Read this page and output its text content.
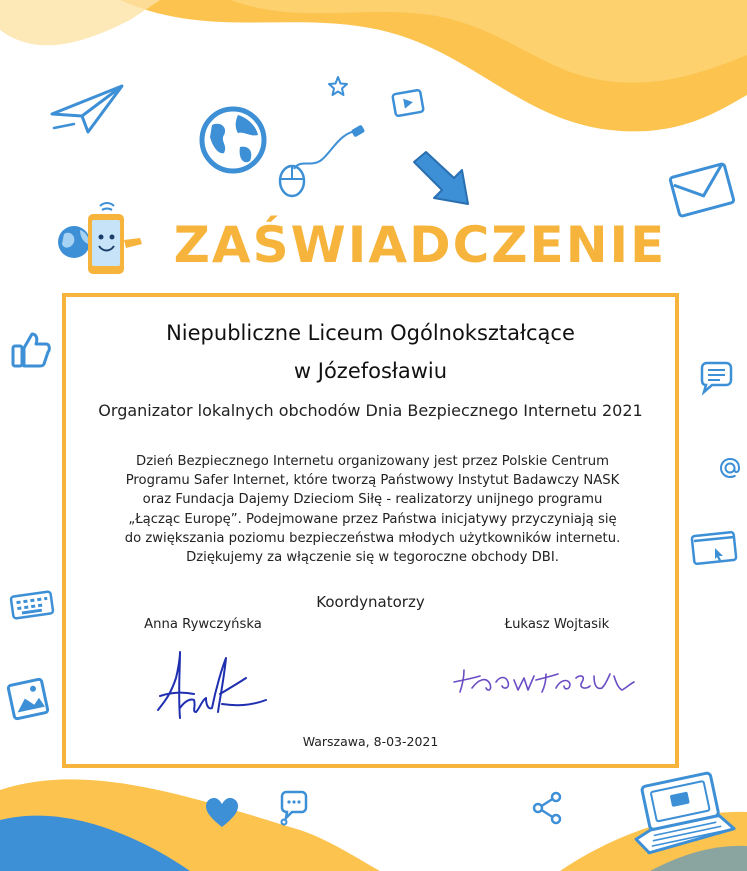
ZAŚWIADCZENIE
Niepubliczne Liceum Ogólnokształcące
w Józefosławiu
Organizator lokalnych obchodów Dnia Bezpiecznego Internetu 2021
Dzień Bezpiecznego Internetu organizowany jest przez Polskie Centrum
Programu Safer Internet, które tworzą Państwowy Instytut Badawczy NASK
oraz Fundacja Dajemy Dzieciom Siłę - realizatorzy unijnego programu
„Łącząc Europę”. Podejmowane przez Państwa inicjatywy przyczyniają się
do zwiększania poziomu bezpieczeństwa młodych użytkowników internetu.
Dziękujemy za włączenie się w tegoroczne obchody DBI.
Koordynatorzy
Anna Rywczyńska	Łukasz Wojtasik
Warszawa, 8-03-2021
